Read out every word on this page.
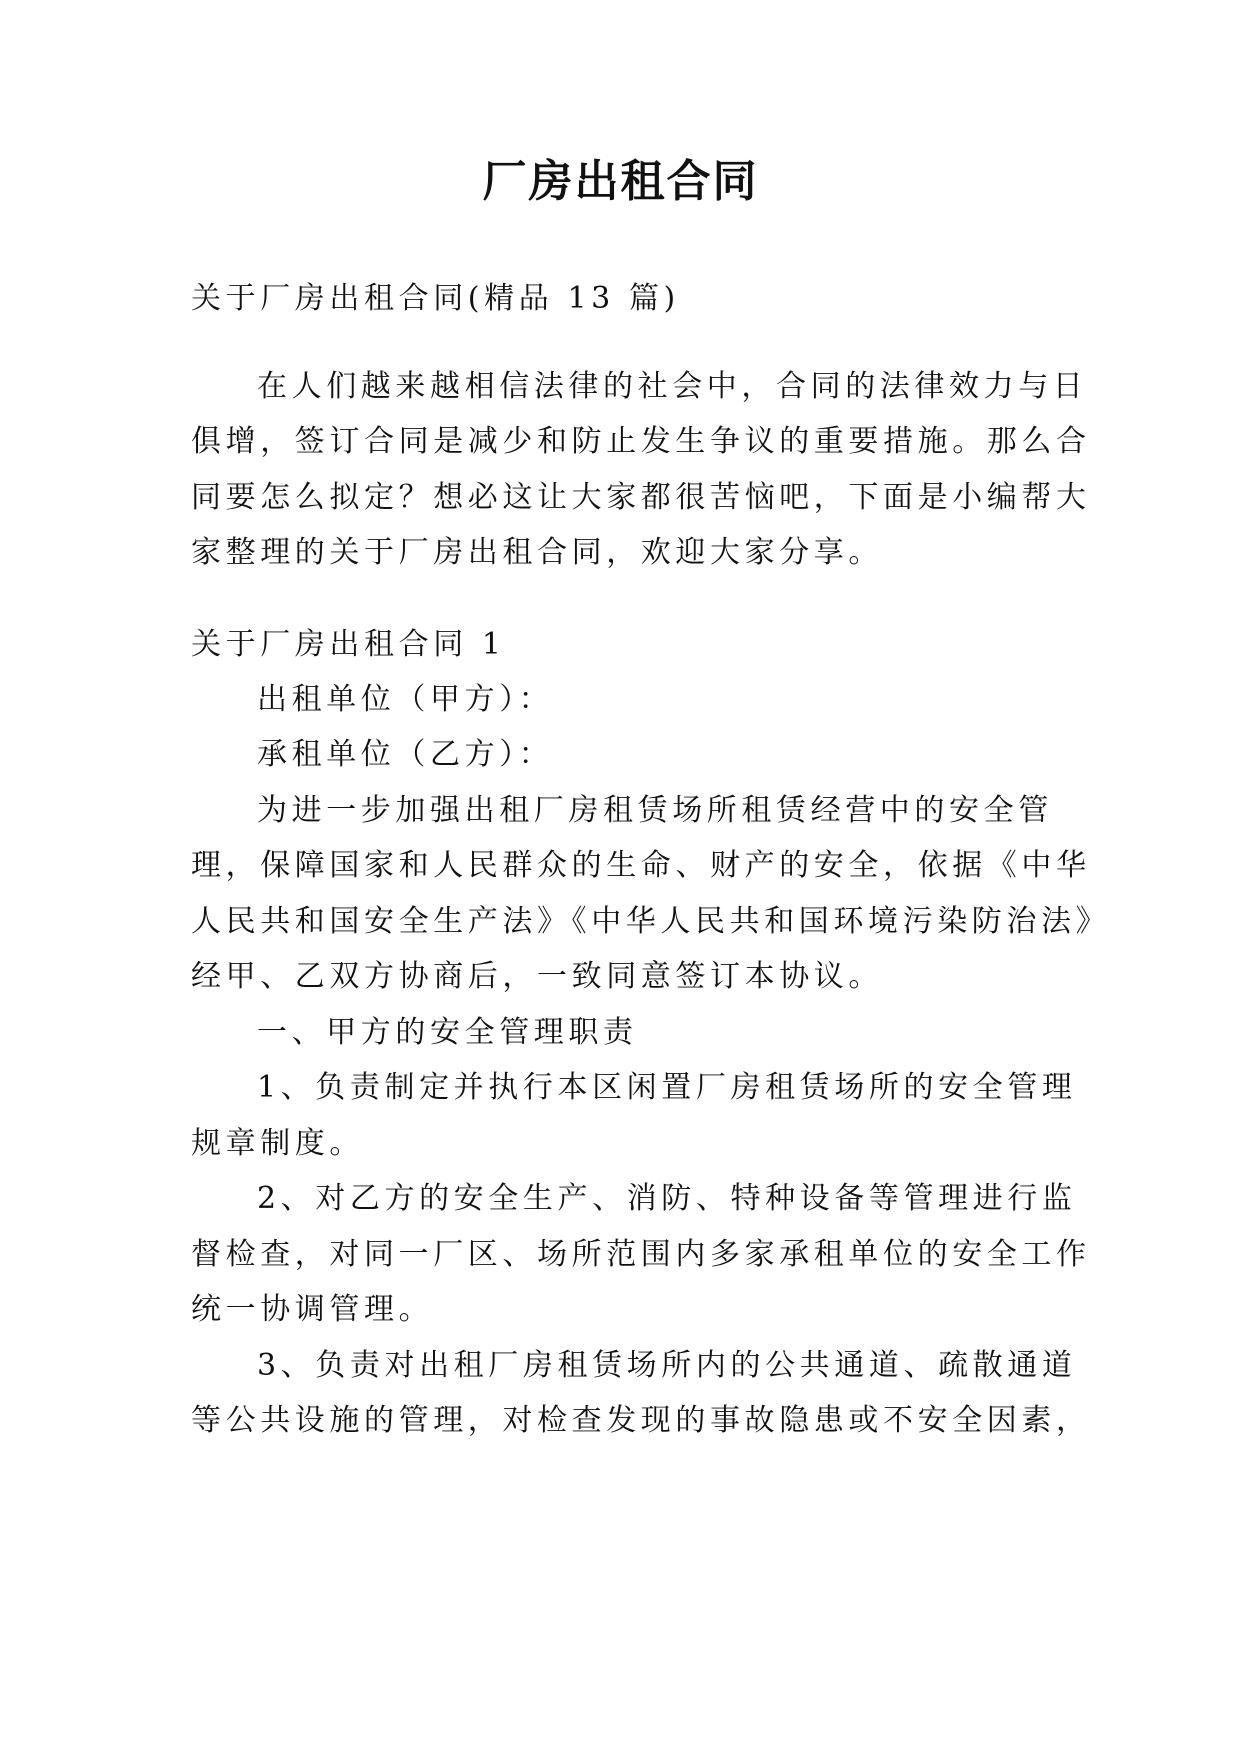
厂房出租合同
关于厂房出租合同(精品 13 篇)
在人们越来越相信法律的社会中，合同的法律效力与日
俱增，签订合同是减少和防止发生争议的重要措施。那么合
同要怎么拟定？想必这让大家都很苦恼吧，下面是小编帮大
家整理的关于厂房出租合同，欢迎大家分享。
关于厂房出租合同 1
出租单位（甲方）：
承租单位（乙方）：
为进一步加强出租厂房租赁场所租赁经营中的安全管
理，保障国家和人民群众的生命、财产的安全，依据《中华
人民共和国安全生产法》《中华人民共和国环境污染防治法》
经甲、乙双方协商后，一致同意签订本协议。
一、甲方的安全管理职责
1、负责制定并执行本区闲置厂房租赁场所的安全管理
规章制度。
2、对乙方的安全生产、消防、特种设备等管理进行监
督检查，对同一厂区、场所范围内多家承租单位的安全工作
统一协调管理。
3、负责对出租厂房租赁场所内的公共通道、疏散通道
等公共设施的管理，对检查发现的事故隐患或不安全因素，
